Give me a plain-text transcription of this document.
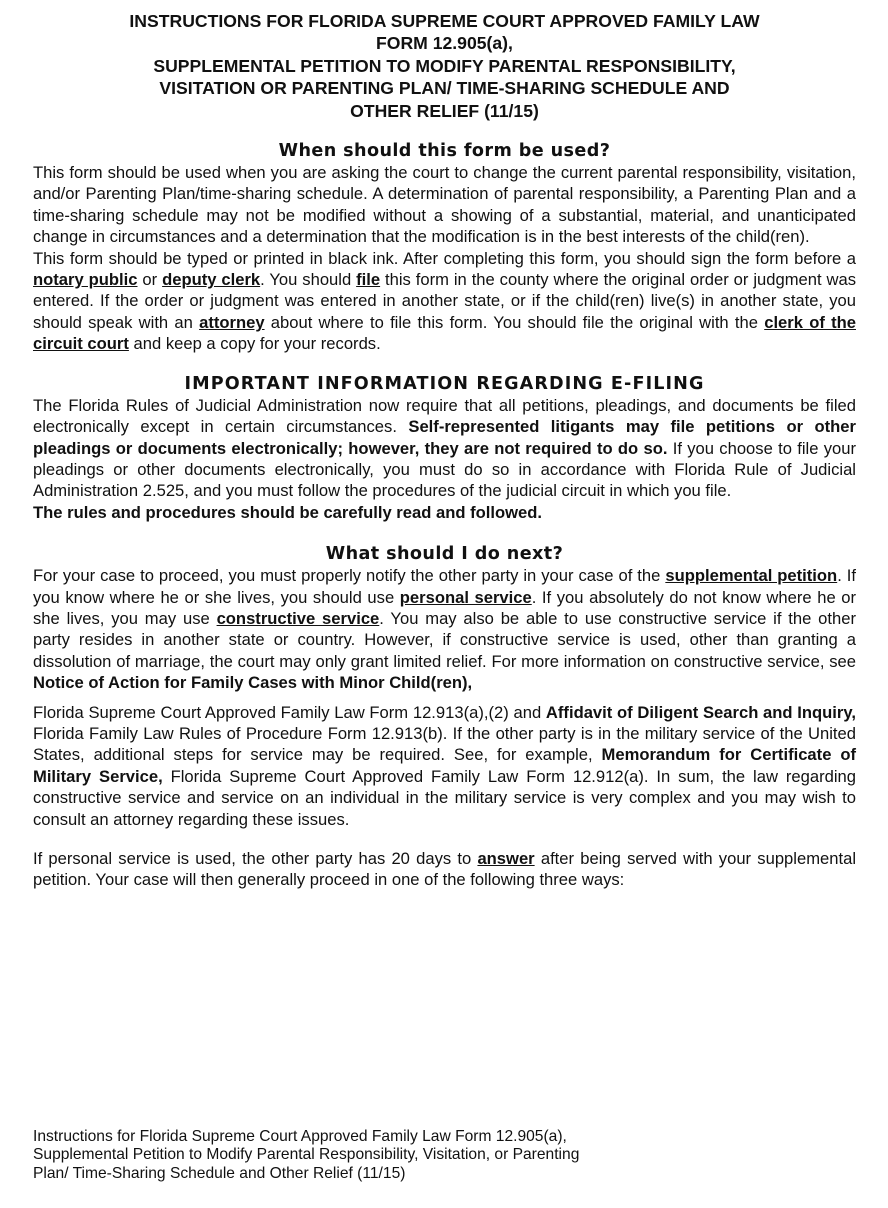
INSTRUCTIONS FOR FLORIDA SUPREME COURT APPROVED FAMILY LAW
FORM 12.905(a),
SUPPLEMENTAL PETITION TO MODIFY PARENTAL RESPONSIBILITY,
VISITATION OR PARENTING PLAN/ TIME-SHARING SCHEDULE AND
OTHER RELIEF (11/15)
When should this form be used?

This form should be used when you are asking the court to change the current parental responsibility, visitation, and/or Parenting Plan/time-sharing schedule. A determination of parental responsibility, a Parenting Plan and a time-sharing schedule may not be modified without a showing of a substantial, material, and unanticipated change in circumstances and a determination that the modification is in the best interests of the child(ren).

This form should be typed or printed in black ink. After completing this form, you should sign the form before a notary public or deputy clerk. You should file this form in the county where the original order or judgment was entered. If the order or judgment was entered in another state, or if the child(ren) live(s) in another state, you should speak with an attorney about where to file this form. You should file the original with the clerk of the circuit court and keep a copy for your records.

IMPORTANT INFORMATION REGARDING E-FILING

The Florida Rules of Judicial Administration now require that all petitions, pleadings, and documents be filed electronically except in certain circumstances. Self-represented litigants may file petitions or other pleadings or documents electronically; however, they are not required to do so. If you choose to file your pleadings or other documents electronically, you must do so in accordance with Florida Rule of Judicial Administration 2.525, and you must follow the procedures of the judicial circuit in which you file.

The rules and procedures should be carefully read and followed.

What should I do next?

For your case to proceed, you must properly notify the other party in your case of the supplemental petition. If you know where he or she lives, you should use personal service. If you absolutely do not know where he or she lives, you may use constructive service. You may also be able to use constructive service if the other party resides in another state or country. However, if constructive service is used, other than granting a dissolution of marriage, the court may only grant limited relief. For more information on constructive service, see Notice of Action for Family Cases with Minor Child(ren),

Florida Supreme Court Approved Family Law Form 12.913(a),(2) and Affidavit of Diligent Search and Inquiry, Florida Family Law Rules of Procedure Form 12.913(b). If the other party is in the military service of the United States, additional steps for service may be required. See, for example, Memorandum for Certificate of Military Service, Florida Supreme Court Approved Family Law Form 12.912(a). In sum, the law regarding constructive service and service on an individual in the military service is very complex and you may wish to consult an attorney regarding these issues.

If personal service is used, the other party has 20 days to answer after being served with your supplemental petition. Your case will then generally proceed in one of the following three ways:

Instructions for Florida Supreme Court Approved Family Law Form 12.905(a),
Supplemental Petition to Modify Parental Responsibility, Visitation, or Parenting
Plan/ Time-Sharing Schedule and Other Relief (11/15)
